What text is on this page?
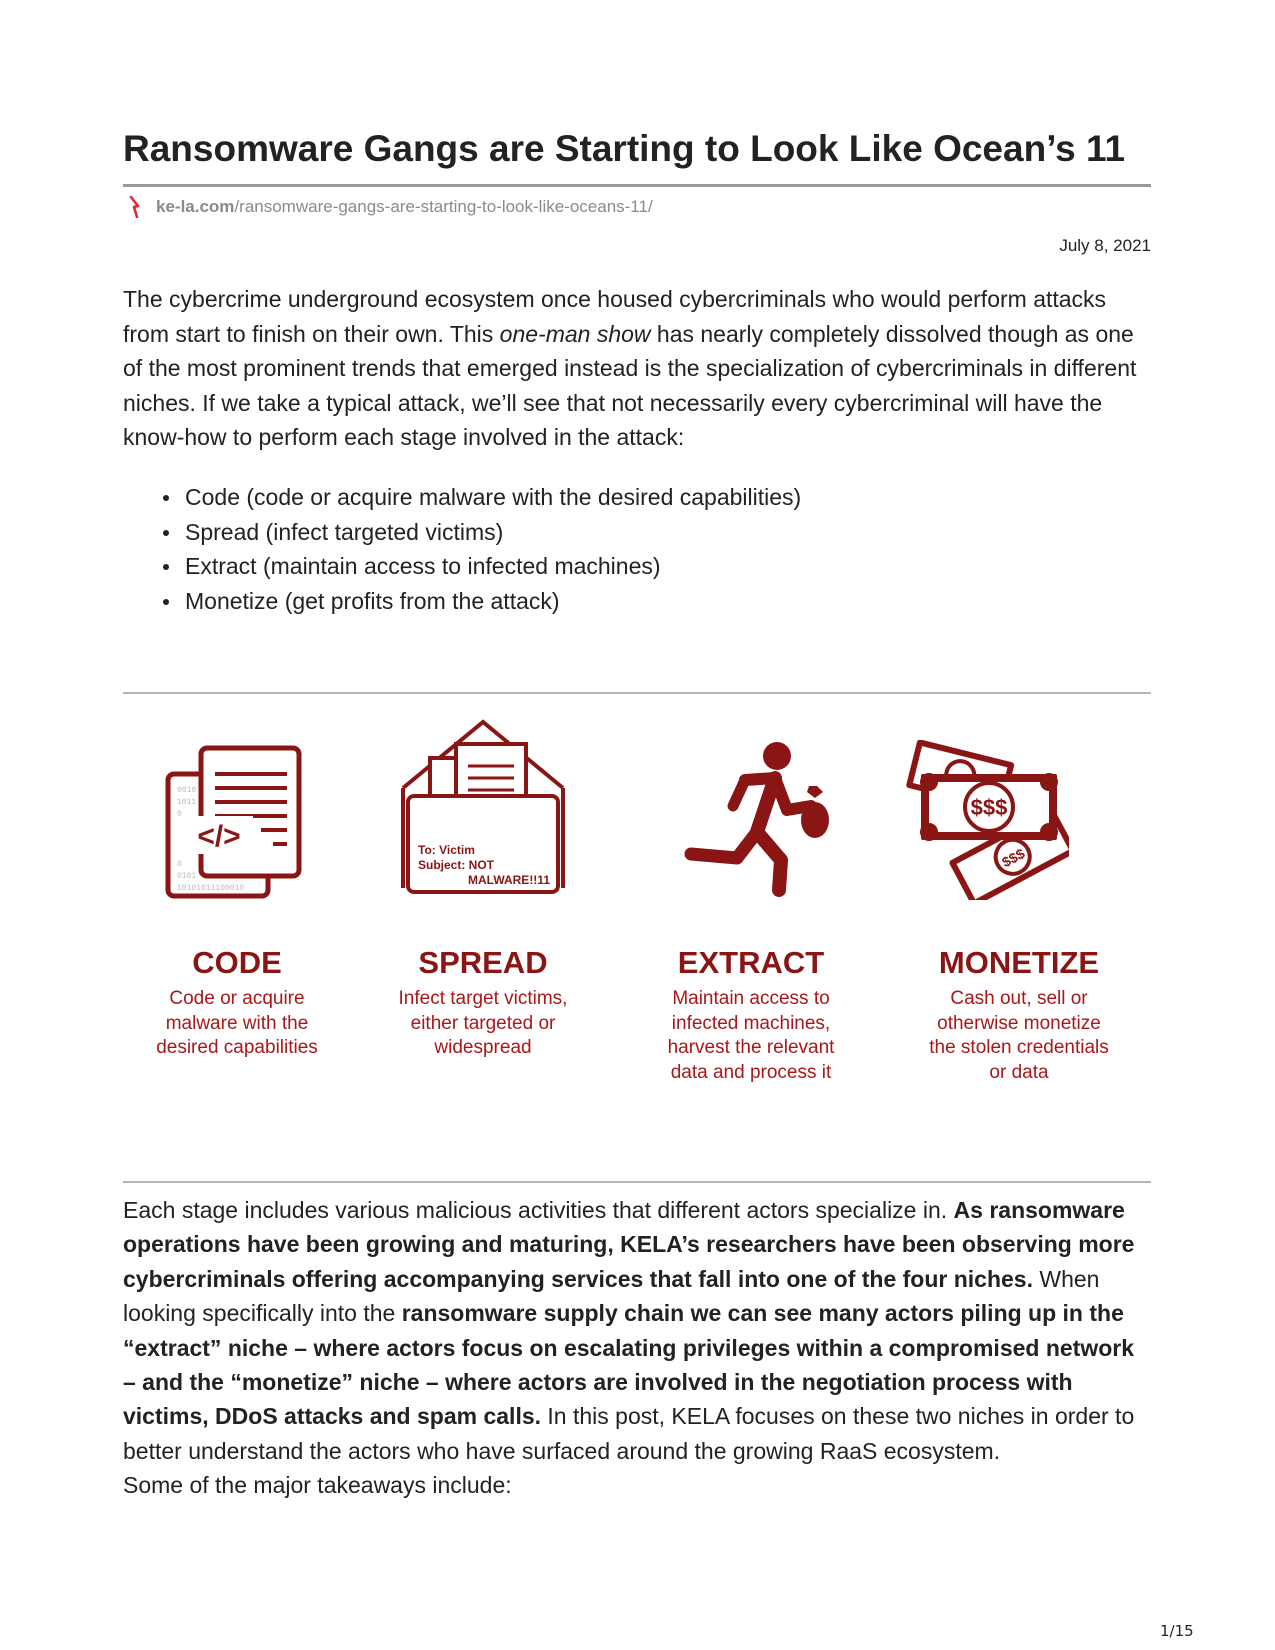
Ransomware Gangs are Starting to Look Like Ocean’s 11
ke-la.com /ransomware-gangs-are-starting-to-look-like-oceans-11/
July 8, 2021

The cybercrime underground ecosystem once housed cybercriminals who would perform attacks from start to finish on their own. This one-man show has nearly completely dissolved though as one of the most prominent trends that emerged instead is the specialization of cybercriminals in different niches. If we take a typical attack, we’ll see that not necessarily every cybercriminal will have the know-how to perform each stage involved in the attack:

Code (code or acquire malware with the desired capabilities)
Spread (infect targeted victims)
Extract (maintain access to infected machines)
Monetize (get profits from the attack)
</>
0010
1011
0
0
0101
10101011100010
To: Victim
Subject: NOT
MALWARE!!11
$$$
$$$
CODE
Code or acquire
malware with the
desired capabilities
SPREAD
Infect target victims,
either targeted or
widespread
EXTRACT
Maintain access to
infected machines,
harvest the relevant
data and process it
MONETIZE
Cash out, sell or
otherwise monetize
the stolen credentials
or data

Each stage includes various malicious activities that different actors specialize in. As ransomware operations have been growing and maturing, KELA’s researchers have been observing more cybercriminals offering accompanying services that fall into one of the four niches. When looking specifically into the ransomware supply chain we can see many actors piling up in the “extract” niche – where actors focus on escalating privileges within a compromised network – and the “monetize” niche – where actors are involved in the negotiation process with victims, DDoS attacks and spam calls. In this post, KELA focuses on these two niches in order to better understand the actors who have surfaced around the growing RaaS ecosystem.
Some of the major takeaways include:

1/15
